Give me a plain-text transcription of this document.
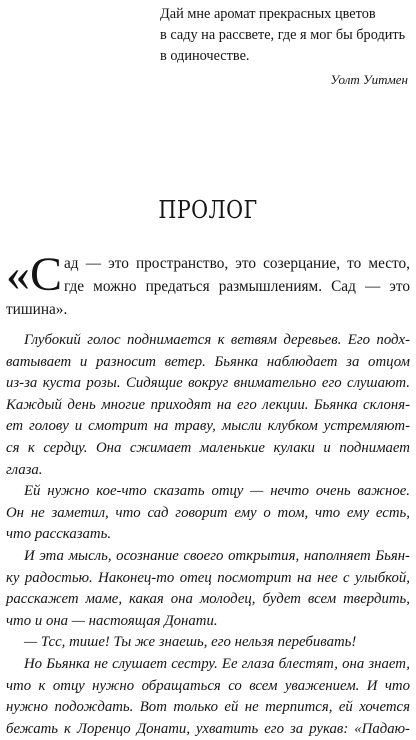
Дай мне аромат прекрасных цветов

в саду на рассвете, где я мог бы бродить

в одиночестве.

Уолт Уитмен

ПРОЛОГ
«С ад — это пространство, это созерцание, то место,
где можно предаться размышлениям. Сад — это
тишина».
Глубокий голос поднимается к ветвям деревьев. Его подх-
ватывает и разносит ветер. Бьянка наблюдает за отцом
из-за куста розы. Сидящие вокруг внимательно его слушают.
Каждый день многие приходят на его лекции. Бьянка склоня-
ет голову и смотрит на траву, мысли клубком устремляют-
ся к сердцу. Она сжимает маленькие кулаки и поднимает
глаза.
Ей нужно кое-что сказать отцу — нечто очень важное.
Он не заметил, что сад говорит ему о том, что ему есть,
что рассказать.
И эта мысль, осознание своего открытия, наполняет Бьян-
ку радостью. Наконец-то отец посмотрит на нее с улыбкой,
расскажет маме, какая она молодец, будет всем твердить,
что и она — настоящая Донати.
— Тсс, тише! Ты же знаешь, его нельзя перебивать!
Но Бьянка не слушает сестру. Ее глаза блестят, она знает,
что к отцу нужно обращаться со всем уважением. И что
нужно подождать. Вот только ей не терпится, ей хочется
бежать к Лоренцо Донати, ухватить его за рукав: «Падаю-
